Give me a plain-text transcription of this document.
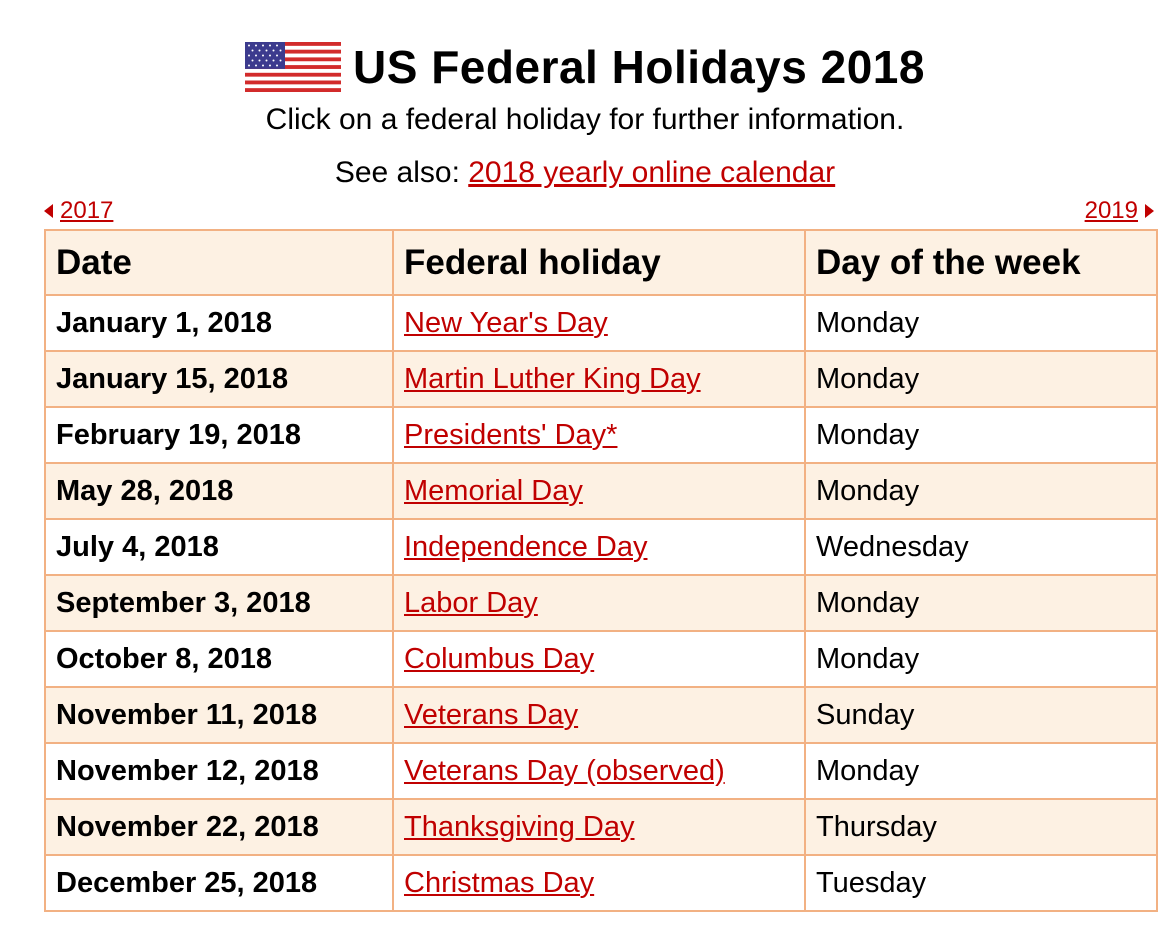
US Federal Holidays 2018
Click on a federal holiday for further information.
See also: 2018 yearly online calendar
2017	2019
Date	Federal holiday	Day of the week
January 1, 2018	New Year's Day	Monday
January 15, 2018	Martin Luther King Day	Monday
February 19, 2018	Presidents' Day*	Monday
May 28, 2018	Memorial Day	Monday
July 4, 2018	Independence Day	Wednesday
September 3, 2018	Labor Day	Monday
October 8, 2018	Columbus Day	Monday
November 11, 2018	Veterans Day	Sunday
November 12, 2018	Veterans Day (observed)	Monday
November 22, 2018	Thanksgiving Day	Thursday
December 25, 2018	Christmas Day	Tuesday
